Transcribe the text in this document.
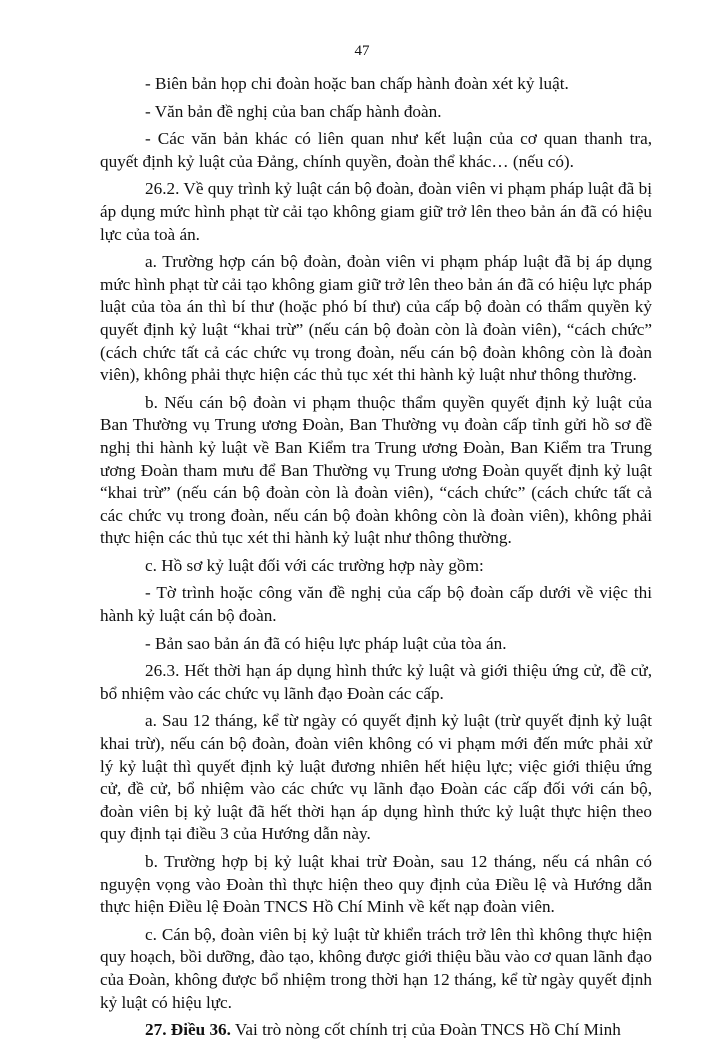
47

- Biên bản họp chi đoàn hoặc ban chấp hành đoàn xét kỷ luật.

- Văn bản đề nghị của ban chấp hành đoàn.

- Các văn bản khác có liên quan như kết luận của cơ quan thanh tra, quyết định kỷ luật của Đảng, chính quyền, đoàn thể khác… (nếu có).

26.2. Về quy trình kỷ luật cán bộ đoàn, đoàn viên vi phạm pháp luật đã bị áp dụng mức hình phạt từ cải tạo không giam giữ trở lên theo bản án đã có hiệu lực của toà án.

a. Trường hợp cán bộ đoàn, đoàn viên vi phạm pháp luật đã bị áp dụng mức hình phạt từ cải tạo không giam giữ trở lên theo bản án đã có hiệu lực pháp luật của tòa án thì bí thư (hoặc phó bí thư) của cấp bộ đoàn có thẩm quyền kỷ quyết định kỷ luật “khai trừ” (nếu cán bộ đoàn còn là đoàn viên), “cách chức” (cách chức tất cả các chức vụ trong đoàn, nếu cán bộ đoàn không còn là đoàn viên), không phải thực hiện các thủ tục xét thi hành kỷ luật như thông thường.

b. Nếu cán bộ đoàn vi phạm thuộc thẩm quyền quyết định kỷ luật của Ban Thường vụ Trung ương Đoàn, Ban Thường vụ đoàn cấp tỉnh gửi hồ sơ đề nghị thi hành kỷ luật về Ban Kiểm tra Trung ương Đoàn, Ban Kiểm tra Trung ương Đoàn tham mưu để Ban Thường vụ Trung ương Đoàn quyết định kỷ luật “khai trừ” (nếu cán bộ đoàn còn là đoàn viên), “cách chức” (cách chức tất cả các chức vụ trong đoàn, nếu cán bộ đoàn không còn là đoàn viên), không phải thực hiện các thủ tục xét thi hành kỷ luật như thông thường.

c. Hồ sơ kỷ luật đối với các trường hợp này gồm:

- Tờ trình hoặc công văn đề nghị của cấp bộ đoàn cấp dưới về việc thi hành kỷ luật cán bộ đoàn.

- Bản sao bản án đã có hiệu lực pháp luật của tòa án.

26.3. Hết thời hạn áp dụng hình thức kỷ luật và giới thiệu ứng cử, đề cử, bổ nhiệm vào các chức vụ lãnh đạo Đoàn các cấp.

a. Sau 12 tháng, kể từ ngày có quyết định kỷ luật (trừ quyết định kỷ luật khai trừ), nếu cán bộ đoàn, đoàn viên không có vi phạm mới đến mức phải xử lý kỷ luật thì quyết định kỷ luật đương nhiên hết hiệu lực; việc giới thiệu ứng cử, đề cử, bổ nhiệm vào các chức vụ lãnh đạo Đoàn các cấp đối với cán bộ, đoàn viên bị kỷ luật đã hết thời hạn áp dụng hình thức kỷ luật thực hiện theo quy định tại điều 3 của Hướng dẫn này.

b. Trường hợp bị kỷ luật khai trừ Đoàn, sau 12 tháng, nếu cá nhân có nguyện vọng vào Đoàn thì thực hiện theo quy định của Điều lệ và Hướng dẫn thực hiện Điều lệ Đoàn TNCS Hồ Chí Minh về kết nạp đoàn viên.

c. Cán bộ, đoàn viên bị kỷ luật từ khiển trách trở lên thì không thực hiện quy hoạch, bồi dưỡng, đào tạo, không được giới thiệu bầu vào cơ quan lãnh đạo của Đoàn, không được bổ nhiệm trong thời hạn 12 tháng, kể từ ngày quyết định kỷ luật có hiệu lực.

27. Điều 36. Vai trò nòng cốt chính trị của Đoàn TNCS Hồ Chí Minh
